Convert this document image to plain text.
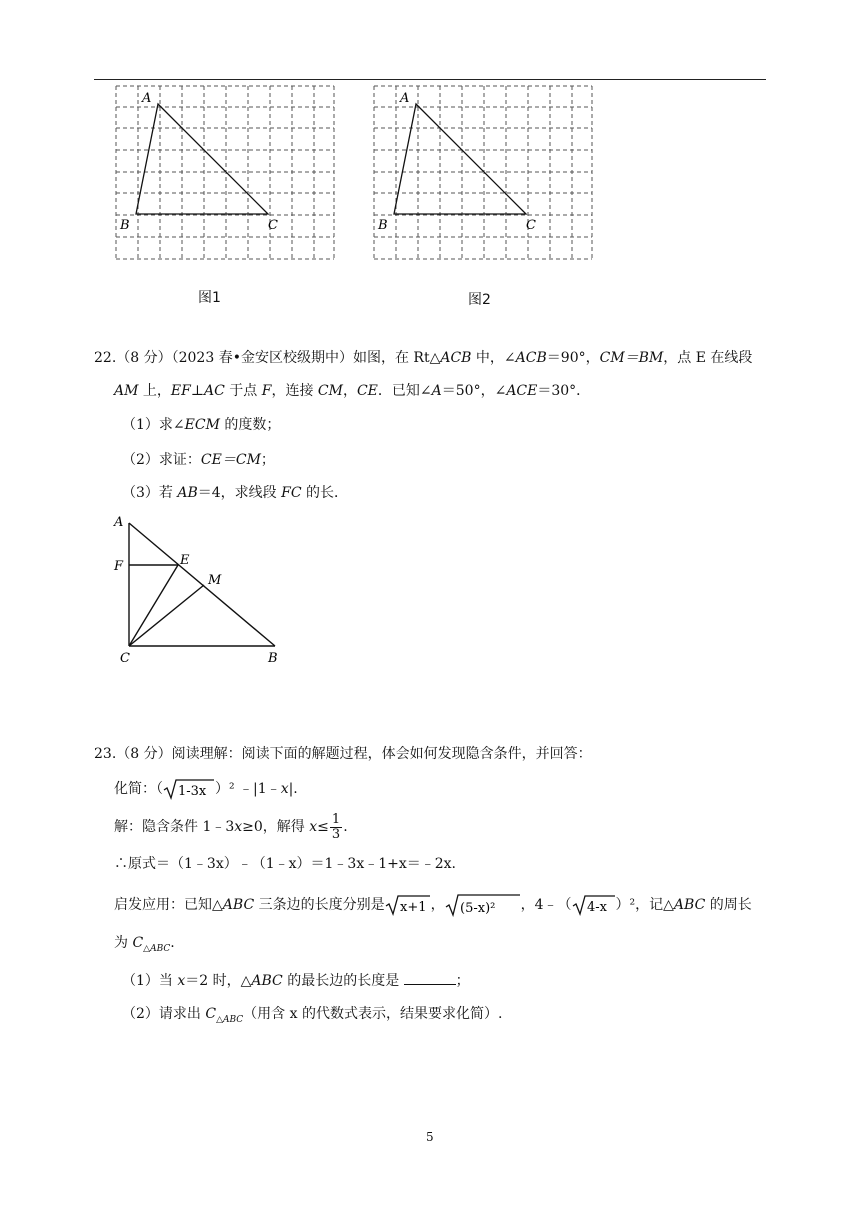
A
B	C
图1
A
B	C
图2
22.（8 分）（2023 春•金安区校级期中）如图，在 Rt△ACB 中，∠ACB＝90°，CM＝BM，点 E 在线段
AM 上，EF⊥AC 于点 F，连接 CM，CE．已知∠A＝50°，∠ACE＝30°．
（1）求∠ECM 的度数；
（2）求证：CE＝CM；
（3）若 AB＝4，求线段 FC 的长．
A
F	E
M
C	B
23.（8 分）阅读理解：阅读下面的解题过程，体会如何发现隐含条件，并回答：
化简：（ 1-3x ）² ﹣|1﹣x|.
解：隐含条件 1﹣3x≥0，解得 $x\le \frac{1}{3}$ .
∴原式＝（1﹣3x）﹣（1﹣x）＝1﹣3x﹣1+x＝﹣2x.
启发应用：已知△ABC 三条边的长度分别是 x+1 ， (5-x)² ，4﹣（ 4-x ）²，记△ABC 的周长
为 $C_{\triangle ABC}$.
（1）当 x＝2 时，△ABC 的最长边的长度是	；
（2）请求出 $C_{\triangle ABC}$（用含 x 的代数式表示，结果要求化简）.
5
